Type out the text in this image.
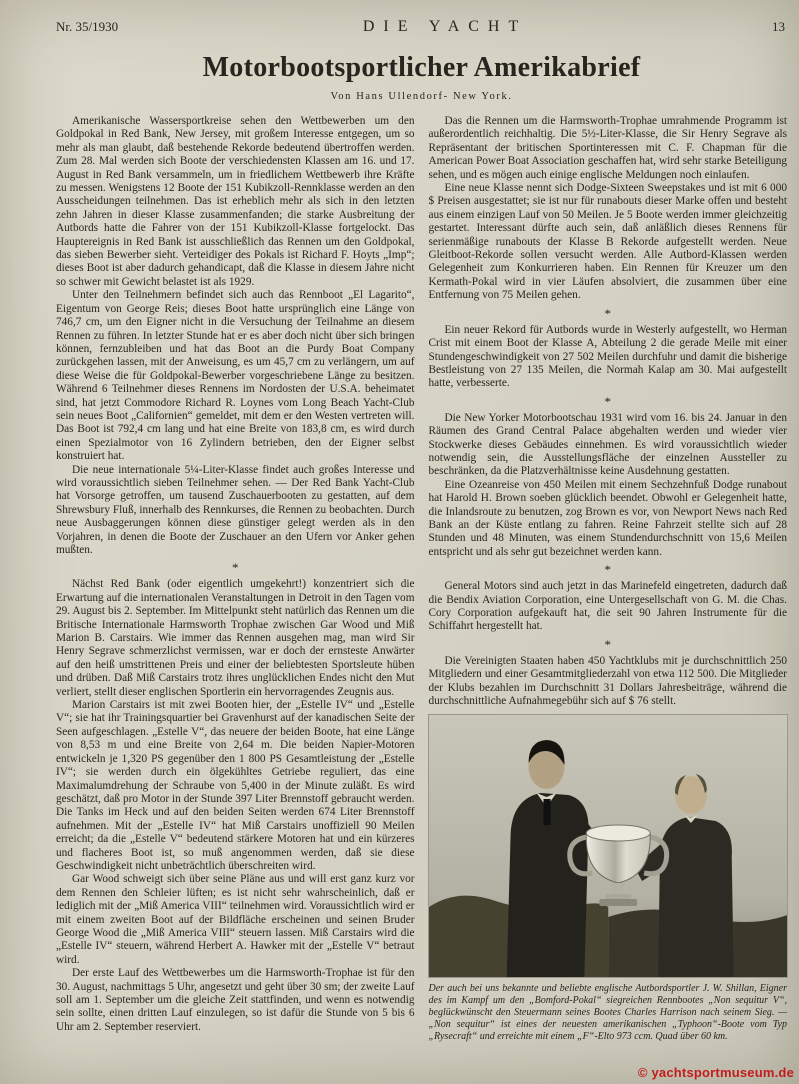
Nr. 35/1930	DIE YACHT	13
Motorbootsportlicher Amerikabrief
Von Hans Ullendorf- New York.

Amerikanische Wassersportkreise sehen den Wettbewerben um den Goldpokal in Red Bank, New Jersey, mit großem Interesse entgegen, um so mehr als man glaubt, daß bestehende Rekorde bedeutend übertroffen werden. Zum 28. Mal werden sich Boote der verschiedensten Klassen am 16. und 17. August in Red Bank versammeln, um in friedlichem Wettbewerb ihre Kräfte zu messen. Wenigstens 12 Boote der 151 Kubikzoll-Rennklasse werden an den Ausscheidungen teilnehmen. Das ist erheblich mehr als sich in den letzten zehn Jahren in dieser Klasse zusammenfanden; die starke Ausbreitung der Autbords hatte die Fahrer von der 151 Kubikzoll-Klasse fortgelockt. Das Hauptereignis in Red Bank ist ausschließlich das Rennen um den Goldpokal, das sieben Bewerber sieht. Verteidiger des Pokals ist Richard F. Hoyts „Imp“; dieses Boot ist aber dadurch gehandicapt, daß die Klasse in diesem Jahre nicht so schwer mit Gewicht belastet ist als 1929.

Unter den Teilnehmern befindet sich auch das Rennboot „El Lagarito“, Eigentum von George Reis; dieses Boot hatte ursprünglich eine Länge von 746,7 cm, um den Eigner nicht in die Versuchung der Teilnahme an diesem Rennen zu führen. In letzter Stunde hat er es aber doch nicht über sich bringen können, fernzubleiben und hat das Boot an die Purdy Boat Company zurückgehen lassen, mit der Anweisung, es um 45,7 cm zu verlängern, um auf diese Weise die für Goldpokal-Bewerber vorgeschriebene Länge zu besitzen. Während 6 Teilnehmer dieses Rennens im Nordosten der U.S.A. beheimatet sind, hat jetzt Commodore Richard R. Loynes vom Long Beach Yacht-Club sein neues Boot „Californien“ gemeldet, mit dem er den Westen vertreten will. Das Boot ist 792,4 cm lang und hat eine Breite von 183,8 cm, es wird durch einen Spezialmotor von 16 Zylindern betrieben, den der Eigner selbst konstruiert hat.

Die neue internationale 5¼-Liter-Klasse findet auch großes Interesse und wird voraussichtlich sieben Teilnehmer sehen. — Der Red Bank Yacht-Club hat Vorsorge getroffen, um tausend Zuschauerbooten zu gestatten, auf dem Shrewsbury Fluß, innerhalb des Rennkurses, die Rennen zu beobachten. Durch neue Ausbaggerungen können diese günstiger gelegt werden als in den Vorjahren, in denen die Boote der Zuschauer an den Ufern vor Anker gehen mußten.

*

Nächst Red Bank (oder eigentlich umgekehrt!) konzentriert sich die Erwartung auf die internationalen Veranstaltungen in Detroit in den Tagen vom 29. August bis 2. September. Im Mittelpunkt steht natürlich das Rennen um die Britische Internationale Harmsworth Trophae zwischen Gar Wood und Miß Marion B. Carstairs. Wie immer das Rennen ausgehen mag, man wird Sir Henry Segrave schmerzlichst vermissen, war er doch der ernsteste Anwärter auf den heiß umstrittenen Preis und einer der beliebtesten Sportsleute hüben und drüben. Daß Miß Carstairs trotz ihres unglücklichen Endes nicht den Mut verliert, stellt dieser englischen Sportlerin ein hervorragendes Zeugnis aus.

Marion Carstairs ist mit zwei Booten hier, der „Estelle IV“ und „Estelle V“; sie hat ihr Trainingsquartier bei Gravenhurst auf der kanadischen Seite der Seen aufgeschlagen. „Estelle V“, das neuere der beiden Boote, hat eine Länge von 8,53 m und eine Breite von 2,64 m. Die beiden Napier-Motoren entwickeln je 1,320 PS gegenüber den 1 800 PS Gesamtleistung der „Estelle IV“; sie werden durch ein ölgekühltes Getriebe reguliert, das eine Maximalumdrehung der Schraube von 5,400 in der Minute zuläßt. Es wird geschätzt, daß pro Motor in der Stunde 397 Liter Brennstoff gebraucht werden. Die Tanks im Heck und auf den beiden Seiten werden 674 Liter Brennstoff aufnehmen. Mit der „Estelle IV“ hat Miß Carstairs unoffiziell 90 Meilen erreicht; da die „Estelle V“ bedeutend stärkere Motoren hat und ein kürzeres und flacheres Boot ist, so muß angenommen werden, daß sie diese Geschwindigkeit nicht unbeträchtlich überschreiten wird.

Gar Wood schweigt sich über seine Pläne aus und will erst ganz kurz vor dem Rennen den Schleier lüften; es ist nicht sehr wahrscheinlich, daß er lediglich mit der „Miß America VIII“ teilnehmen wird. Voraussichtlich wird er mit einem zweiten Boot auf der Bildfläche erscheinen und seinen Bruder George Wood die „Miß America VIII“ steuern lassen. Miß Carstairs wird die „Estelle IV“ steuern, während Herbert A. Hawker mit der „Estelle V“ betraut wird.

Der erste Lauf des Wettbewerbes um die Harmsworth-Trophae ist für den 30. August, nachmittags 5 Uhr, angesetzt und geht über 30 sm; der zweite Lauf soll am 1. September um die gleiche Zeit stattfinden, und wenn es notwendig sein sollte, einen dritten Lauf einzulegen, so ist dafür die Stunde von 5 bis 6 Uhr am 2. September reserviert.

Das die Rennen um die Harmsworth-Trophae umrahmende Programm ist außerordentlich reichhaltig. Die 5½-Liter-Klasse, die Sir Henry Segrave als Repräsentant der britischen Sportinteressen mit C. F. Chapman für die American Power Boat Association geschaffen hat, wird sehr starke Beteiligung sehen, und es mögen auch einige englische Meldungen noch einlaufen.

Eine neue Klasse nennt sich Dodge-Sixteen Sweepstakes und ist mit 6 000 $ Preisen ausgestattet; sie ist nur für runabouts dieser Marke offen und besteht aus einem einzigen Lauf von 50 Meilen. Je 5 Boote werden immer gleichzeitig gestartet. Interessant dürfte auch sein, daß anläßlich dieses Rennens für serienmäßige runabouts der Klasse B Rekorde aufgestellt werden. Neue Gleitboot-Rekorde sollen versucht werden. Alle Autbord-Klassen werden Gelegenheit zum Konkurrieren haben. Ein Rennen für Kreuzer um den Kermath-Pokal wird in vier Läufen absolviert, die zusammen über eine Entfernung von 75 Meilen gehen.

*

Ein neuer Rekord für Autbords wurde in Westerly aufgestellt, wo Herman Crist mit einem Boot der Klasse A, Abteilung 2 die gerade Meile mit einer Stundengeschwindigkeit von 27 502 Meilen durchfuhr und damit die bisherige Bestleistung von 27 135 Meilen, die Normah Kalap am 30. Mai aufgestellt hatte, verbesserte.

*

Die New Yorker Motorbootschau 1931 wird vom 16. bis 24. Januar in den Räumen des Grand Central Palace abgehalten werden und wieder vier Stockwerke dieses Gebäudes einnehmen. Es wird voraussichtlich wieder notwendig sein, die Ausstellungsfläche der einzelnen Aussteller zu beschränken, da die Platzverhältnisse keine Ausdehnung gestatten.

Eine Ozeanreise von 450 Meilen mit einem Sechzehnfuß Dodge runabout hat Harold H. Brown soeben glücklich beendet. Obwohl er Gelegenheit hatte, die Inlandsroute zu benutzen, zog Brown es vor, von Newport News nach Red Bank an der Küste entlang zu fahren. Reine Fahrzeit stellte sich auf 28 Stunden und 48 Minuten, was einem Stundendurchschnitt von 15,6 Meilen entspricht und als sehr gut bezeichnet werden kann.

*

General Motors sind auch jetzt in das Marinefeld eingetreten, dadurch daß die Bendix Aviation Corporation, eine Untergesellschaft von G. M. die Chas. Cory Corporation aufgekauft hat, die seit 90 Jahren Instrumente für die Schiffahrt hergestellt hat.

*

Die Vereinigten Staaten haben 450 Yachtklubs mit je durchschnittlich 250 Mitgliedern und einer Gesamtmitgliederzahl von etwa 112 500. Die Mitglieder der Klubs bezahlen im Durchschnitt 31 Dollars Jahresbeiträge, während die durchschnittliche Aufnahmegebühr sich auf $ 76 stellt.

Der auch bei uns bekannte und beliebte englische Autbordsportler J. W. Shillan, Eigner des im Kampf um den „Bomford-Pokal“ siegreichen Rennbootes „Non sequitur V“, beglückwünscht den Steuermann seines Bootes Charles Harrison nach seinem Sieg. — „Non sequitur“ ist eines der neuesten amerikanischen „Typhoon“-Boote vom Typ „Rysecraft“ und erreichte mit einem „F“-Elto 973 ccm. Quad über 60 km.
© yachtsportmuseum.de
